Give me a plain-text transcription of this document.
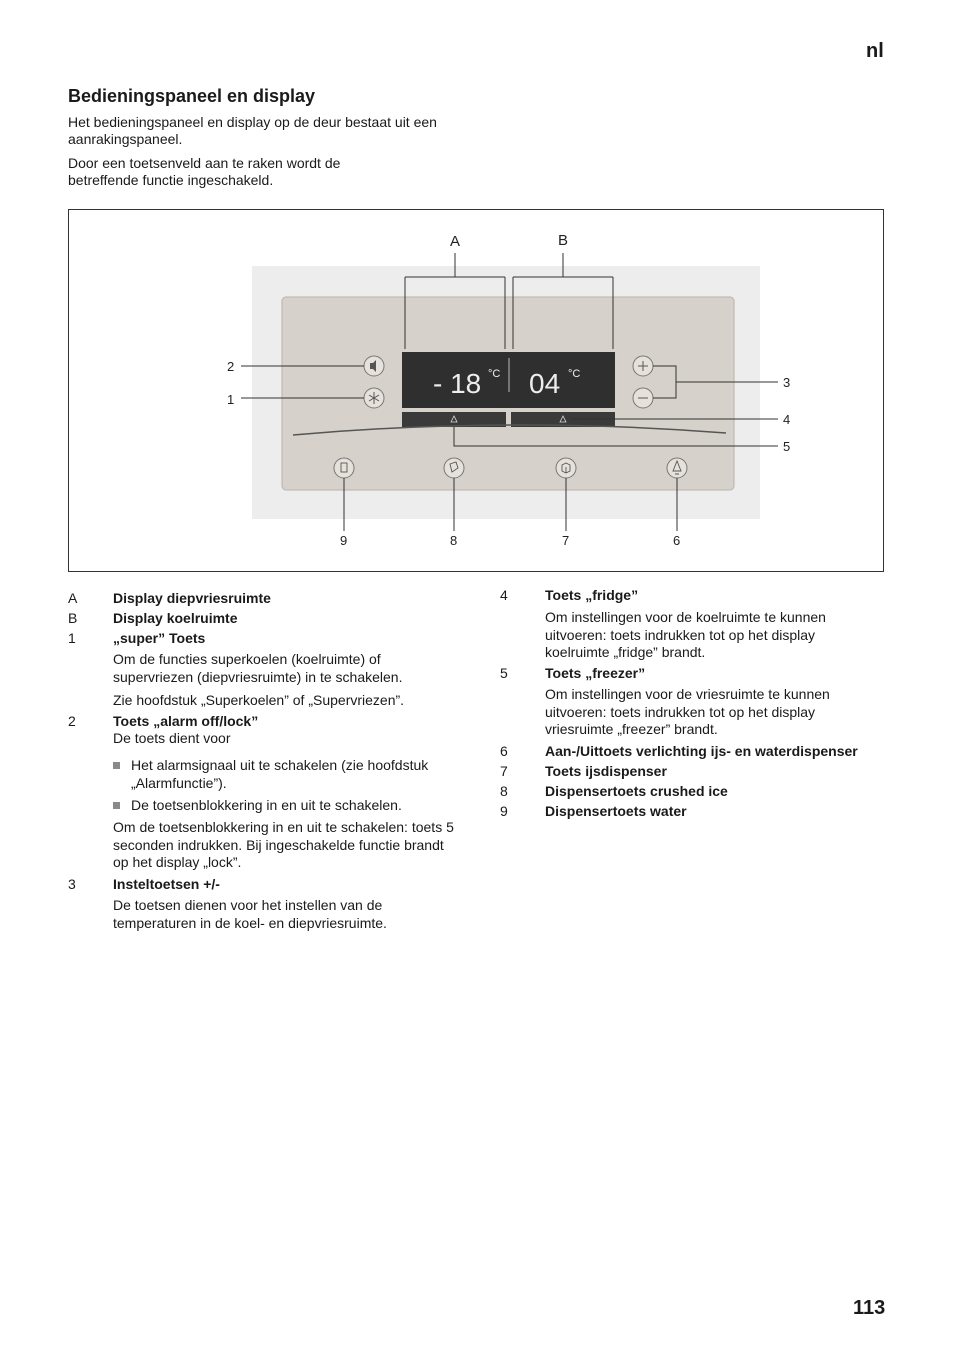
nl
Bedieningspaneel en display
Het bedieningspaneel en display op de deur bestaat uit een aanrakingspaneel.
Door een toetsenveld aan te raken wordt de betreffende functie ingeschakeld.
- 18 °C 04 °C
A	B
2
1
3
4
5
9	8	7	6
A	Display diepvriesruimte
B	Display koelruimte
1	„super” Toets
Om de functies superkoelen (koelruimte) of supervriezen (diepvriesruimte) in te schakelen.
Zie hoofdstuk „Superkoelen” of „Supervriezen”.
2	Toets „alarm off/lock”
De toets dient voor
Het alarmsignaal uit te schakelen (zie hoofdstuk „Alarmfunctie”).
De toetsenblokkering in en uit te schakelen.
Om de toetsenblokkering in en uit te schakelen: toets 5 seconden indrukken. Bij ingeschakelde functie brandt op het display „lock”.
3	Insteltoetsen +/-
De toetsen dienen voor het instellen van de temperaturen in de koel- en diepvriesruimte.
4	Toets „fridge”
Om instellingen voor de koelruimte te kunnen uitvoeren: toets indrukken tot op het display koelruimte „fridge” brandt.
5	Toets „freezer”
Om instellingen voor de vriesruimte te kunnen uitvoeren: toets indrukken tot op het display vriesruimte „freezer” brandt.
6	Aan-/Uittoets verlichting ijs- en waterdispenser
7	Toets ijsdispenser
8	Dispensertoets crushed ice
9	Dispensertoets water
113
